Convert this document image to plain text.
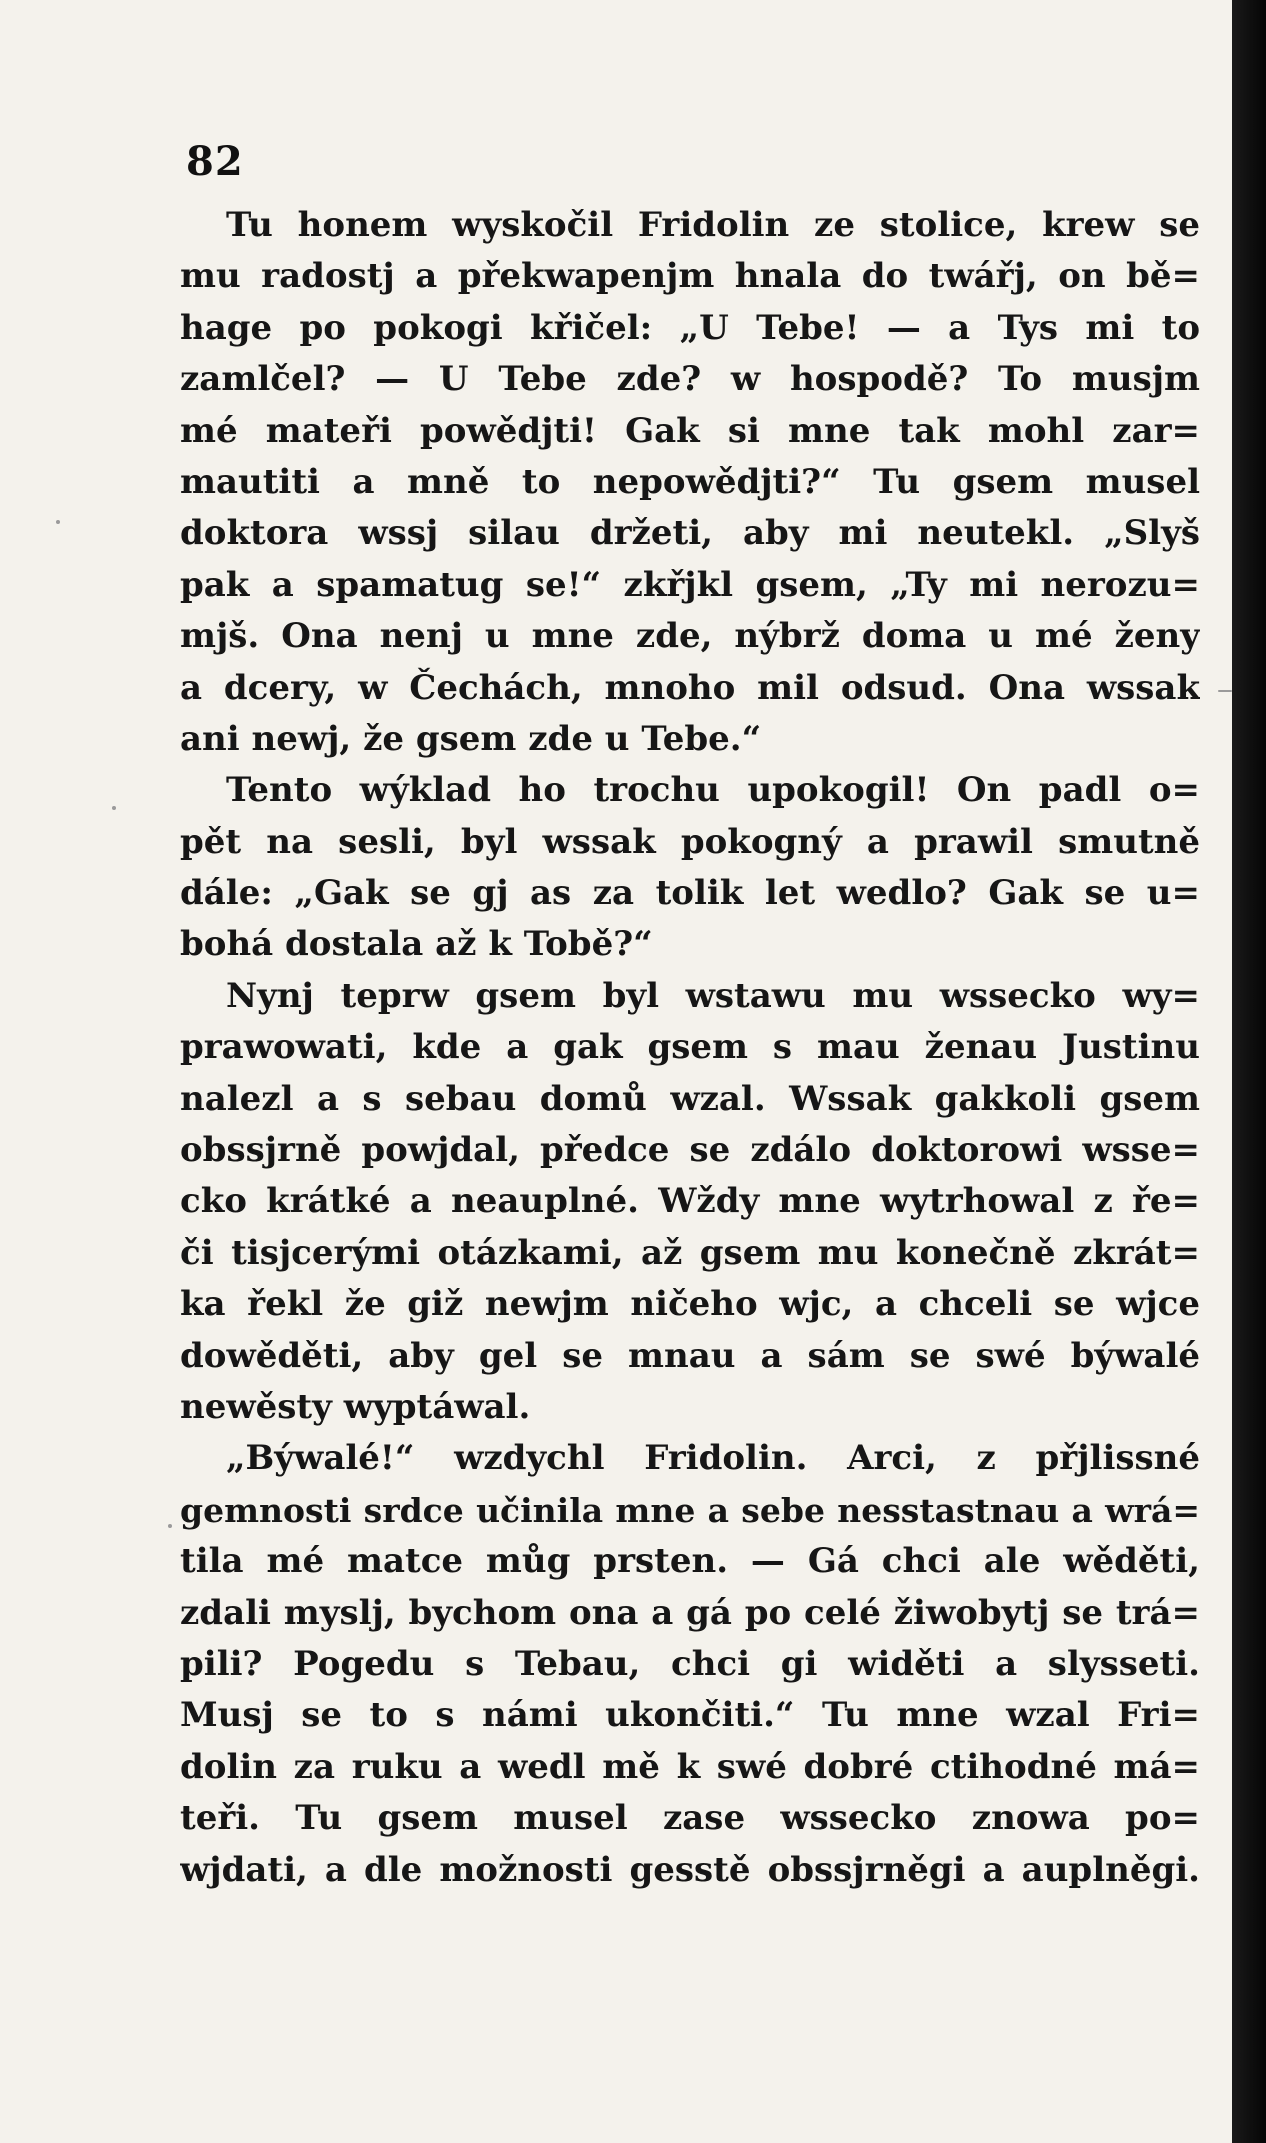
82
Tu honem wyskočil Fridolin ze stolice, krew se
mu radostj a překwapenjm hnala do twářj, on bě=
hage po pokogi křičel: „U Tebe! — a Tys mi to
zamlčel? — U Tebe zde? w hospodě? To musjm
mé mateři powědjti! Gak si mne tak mohl zar=
mautiti a mně to nepowědjti?“ Tu gsem musel
doktora wssj silau držeti, aby mi neutekl. „Slyš
pak a spamatug se!“ zkřjkl gsem, „Ty mi nerozu=
mjš. Ona nenj u mne zde, nýbrž doma u mé ženy
a dcery, w Čechách, mnoho mil odsud. Ona wssak
ani newj, že gsem zde u Tebe.“
Tento wýklad ho trochu upokogil! On padl o=
pět na sesli, byl wssak pokogný a prawil smutně
dále: „Gak se gj as za tolik let wedlo? Gak se u=
bohá dostala až k Tobě?“
Nynj teprw gsem byl wstawu mu wssecko wy=
prawowati, kde a gak gsem s mau ženau Justinu
nalezl a s sebau domů wzal. Wssak gakkoli gsem
obssjrně powjdal, předce se zdálo doktorowi wsse=
cko krátké a neauplné. Wždy mne wytrhowal z ře=
či tisjcerými otázkami, až gsem mu konečně zkrát=
ka řekl že giž newjm ničeho wjc, a chceli se wjce
dowěděti, aby gel se mnau a sám se swé býwalé
newěsty wyptáwal.
„Býwalé!“ wzdychl Fridolin. Arci, z přjlissné
gemnosti srdce učinila mne a sebe nesstastnau a wrá=
tila mé matce můg prsten. — Gá chci ale wěděti,
zdali myslj, bychom ona a gá po celé žiwobytj se trá=
pili? Pogedu s Tebau, chci gi widěti a slysseti.
Musj se to s námi ukončiti.“ Tu mne wzal Fri=
dolin za ruku a wedl mě k swé dobré ctihodné má=
teři. Tu gsem musel zase wssecko znowa po=
wjdati, a dle možnosti gesstě obssjrněgi a auplněgi.
